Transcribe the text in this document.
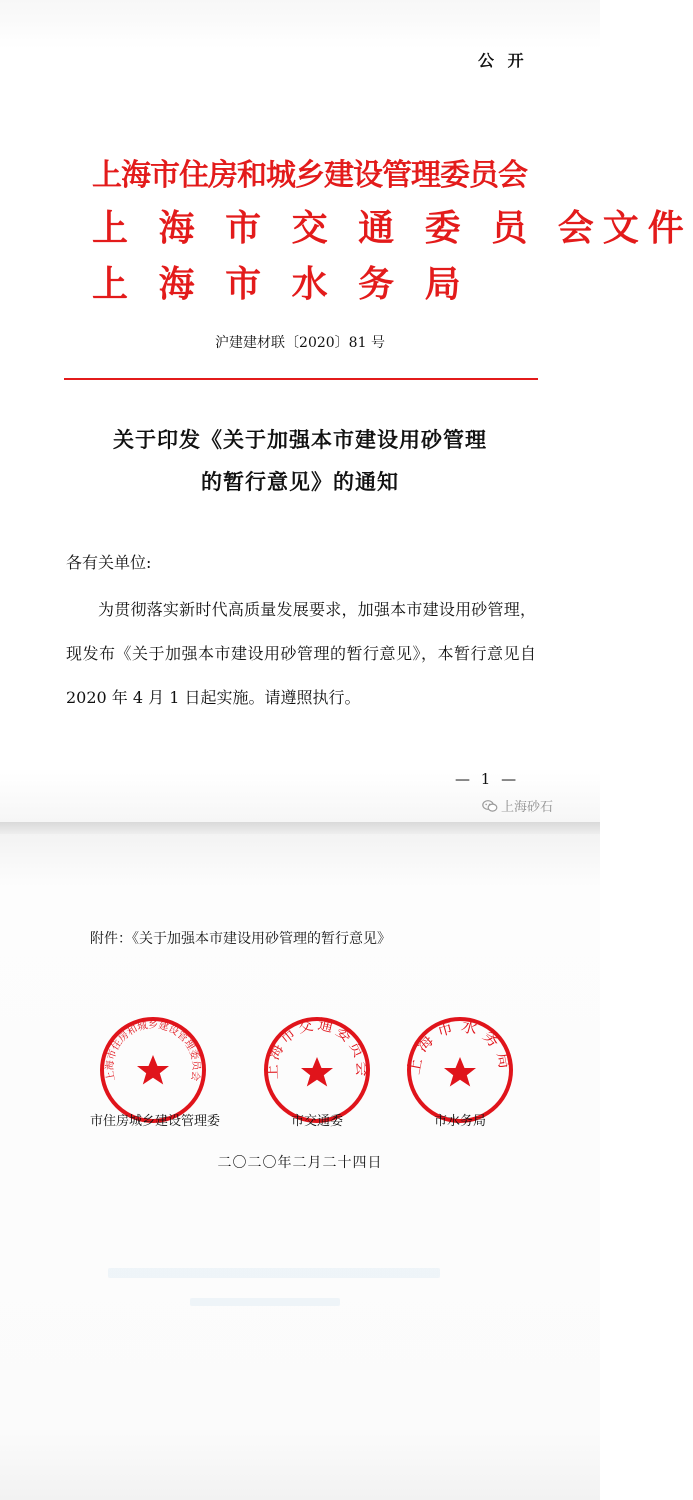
公 开
上海市住房和城乡建设管理委员会
上 海 市 交 通 委 员 会文件
上 海 市 水 务 局
沪建建材联〔2020〕81 号
关于印发《关于加强本市建设用砂管理
的暂行意见》的通知
各有关单位:
为贯彻落实新时代高质量发展要求，加强本市建设用砂管理，现发布《关于加强本市建设用砂管理的暂行意见》，本暂行意见自 2020 年 4 月 1 日起实施。请遵照执行。
— 1 —
上海砂石
附件：《关于加强本市建设用砂管理的暂行意见》
上海市住房和城乡建设管理委员会
市住房城乡建设管理委
上海市交通委员会
市交通委
上海市水务局
市水务局
二〇二〇年二月二十四日
